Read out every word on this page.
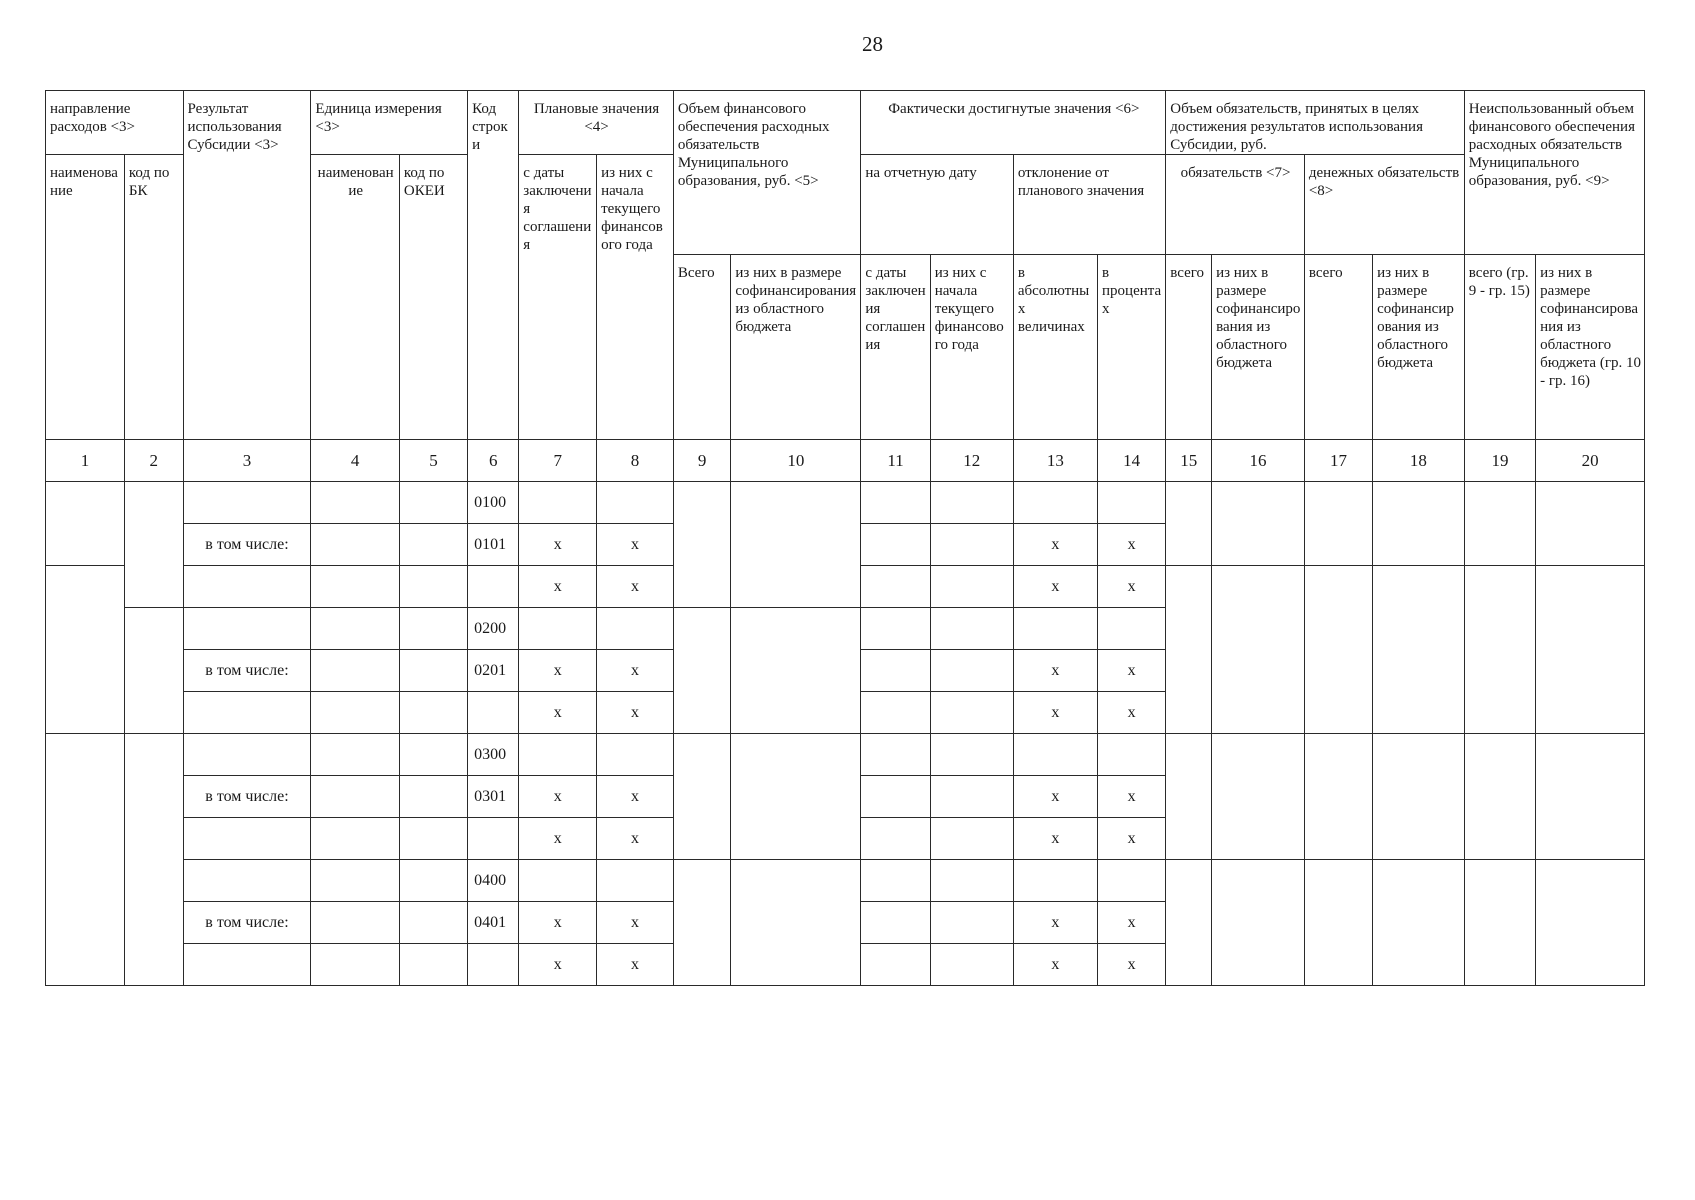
28
направление расходов <3>		Результат использования Субсидии <3>	Единица измерения <3>		Код строки	Плановые значения <4>		Объем финансового обеспечения расходных обязательств Муниципального образования, руб. <5>		Фактически достигнутые значения <6>				Объем обязательств, принятых в целях достижения результатов использования Субсидии, руб.				Неиспользованный объем финансового обеспечения расходных обязательств Муниципального образования, руб. <9>	
наименование	код по БК		наименование	код по ОКЕИ		с даты заключения соглашения	из них с начала текущего финансового года			на отчетную дату		отклонение от планового значения		обязательств <7>		денежных обязательств <8>			
								Всего	из них в размере софинансирования из областного бюджета	с даты заключения соглашения	из них с начала текущего финансового года	в абсолютных величинах	в процентах	всего	из них в размере софинансирования из областного бюджета	всего	из них в размере софинансирования из областного бюджета	всего (гр. 9 - гр. 15)	из них в размере софинансирования из областного бюджета (гр. 10 - гр. 16)
1	2	3	4	5	6	7	8	9	10	11	12	13	14	15	16	17	18	19	20
					0100														
		в том числе:			0101	x	x					x	x						
						x	x					x	x						
					0200														
		в том числе:			0201	x	x					x	x						
						x	x					x	x						
					0300														
		в том числе:			0301	x	x					x	x						
						x	x					x	x						
					0400														
		в том числе:			0401	x	x					x	x						
						x	x					x	x						
